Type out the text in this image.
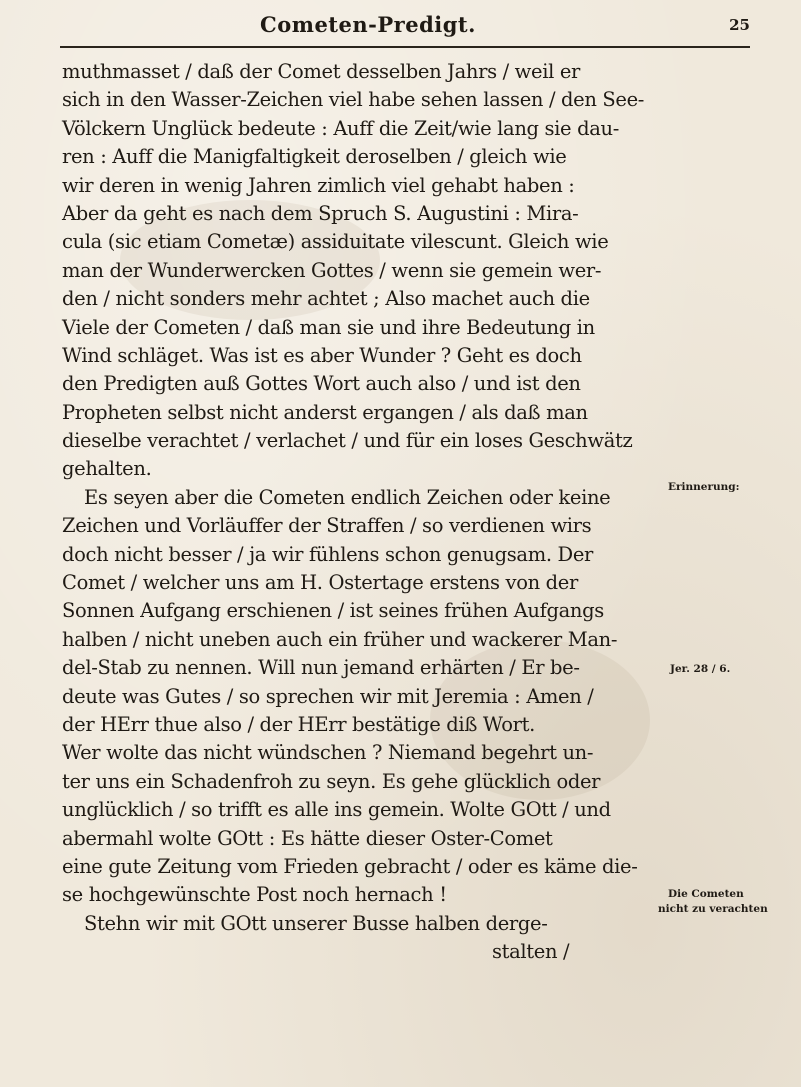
Cometen-Predigt.	25
muthmasset / daß der Comet desselben Jahrs / weil er
sich in den Wasser-Zeichen viel habe sehen lassen / den See-
Völckern Unglück bedeute : Auff die Zeit/wie lang sie dau-
ren : Auff die Manigfaltigkeit deroselben / gleich wie
wir deren in wenig Jahren zimlich viel gehabt haben :
Aber da geht es nach dem Spruch S. Augustini : Mira-
cula (sic etiam Cometæ) assiduitate vilescunt. Gleich wie
man der Wunderwercken Gottes / wenn sie gemein wer-
den / nicht sonders mehr achtet ; Also machet auch die
Viele der Cometen / daß man sie und ihre Bedeutung in
Wind schläget. Was ist es aber Wunder ? Geht es doch
den Predigten auß Gottes Wort auch also / und ist den
Propheten selbst nicht anderst ergangen / als daß man
dieselbe verachtet / verlachet / und für ein loses Geschwätz
gehalten.
Es seyen aber die Cometen endlich Zeichen oder keine
Zeichen und Vorläuffer der Straffen / so verdienen wirs
doch nicht besser / ja wir fühlens schon genugsam. Der
Comet / welcher uns am H. Ostertage erstens von der
Sonnen Aufgang erschienen / ist seines frühen Aufgangs
halben / nicht uneben auch ein früher und wackerer Man-
del-Stab zu nennen. Will nun jemand erhärten / Er be-
deute was Gutes / so sprechen wir mit Jeremia : Amen /
der HErr thue also / der HErr bestätige diß Wort.
Wer wolte das nicht wündschen ? Niemand begehrt un-
ter uns ein Schadenfroh zu seyn. Es gehe glücklich oder
unglücklich / so trifft es alle ins gemein. Wolte GOtt / und
abermahl wolte GOtt : Es hätte dieser Oster-Comet
eine gute Zeitung vom Frieden gebracht / oder es käme die-
se hochgewünschte Post noch hernach !
Stehn wir mit GOtt unserer Busse halben derge-
stalten /
Erinnerung:
Jer. 28 / 6.
Die Cometen
nicht zu verachten
